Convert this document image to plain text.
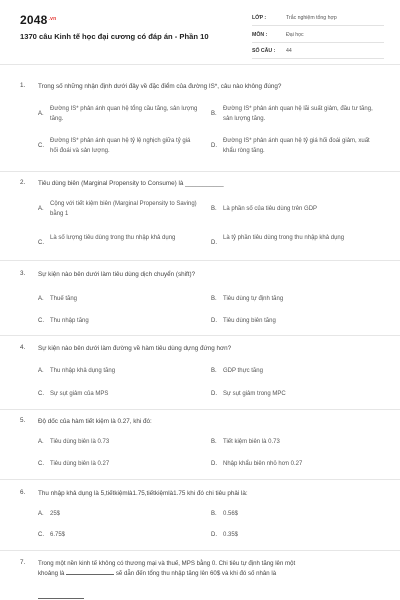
$2048^{.vn}$
1370 câu Kinh tế học đại cương có đáp án - Phần 10
LỚP :	Trắc nghiệm tổng hợp
MÔN :	Đại học
SỐ CÂU : 44
1. Trong số những nhận định dưới đây về đặc điểm của đường IS*, câu nào không đúng?
A.
Đường IS* phản ánh quan hệ tổng cầu tăng, sản lượng tăng.
B.
Đường IS* phản ánh quan hệ lãi suất giảm, đầu tư tăng, sản lượng tăng.
C.
Đường IS* phản ánh quan hệ tỷ lệ nghịch giữa tỷ giá hối đoái và sản lượng.
D.
Đường IS* phản ánh quan hệ tỷ giá hối đoái giảm, xuất khẩu ròng tăng.
2. Tiêu dùng biên (Marginal Propensity to Consume) là ___________
A.
Cộng với tiết kiệm biên (Marginal Propensity to Saving) bằng 1
B. Là phần số của tiêu dùng trên GDP
C.
Là số lượng tiêu dùng trong thu nhập khả dụng
D.
Là tỷ phần tiêu dùng trong thu nhập khả dụng
3. Sự kiện nào bên dưới làm tiêu dùng dịch chuyển (shift)?
A. Thuế tăng	B. Tiêu dùng tự định tăng
C. Thu nhập tăng	D. Tiêu dùng biên tăng
4. Sự kiện nào bên dưới làm đường về hàm tiêu dùng dựng đứng hơn?
A. Thu nhập khả dụng tăng	B. GDP thực tăng
C. Sự sụt giảm của MPS	D. Sự sụt giảm trong MPC
5. Độ dốc của hàm tiết kiệm là 0.27, khi đó:
A. Tiêu dùng biên là 0.73	B. Tiết kiệm biên là 0.73
C. Tiêu dùng biên là 0.27	D. Nhập khẩu biên nhỏ hơn 0.27
6. Thu nhập khả dụng là 5,tiếtkiệmlà1.75,tiếtkiệmlà1.75 khi đó chi tiêu phải là:
A. 25$	B. 0.56$
C. 6.75$	D. 0.35$
7. Trong một nền kinh tế không có thương mại và thuế, MPS bằng 0. Chi tiêu tự định tăng lên một
khoảng là	sẽ dẫn đến tổng thu nhập tăng lên 60$ và khi đó số nhân là
